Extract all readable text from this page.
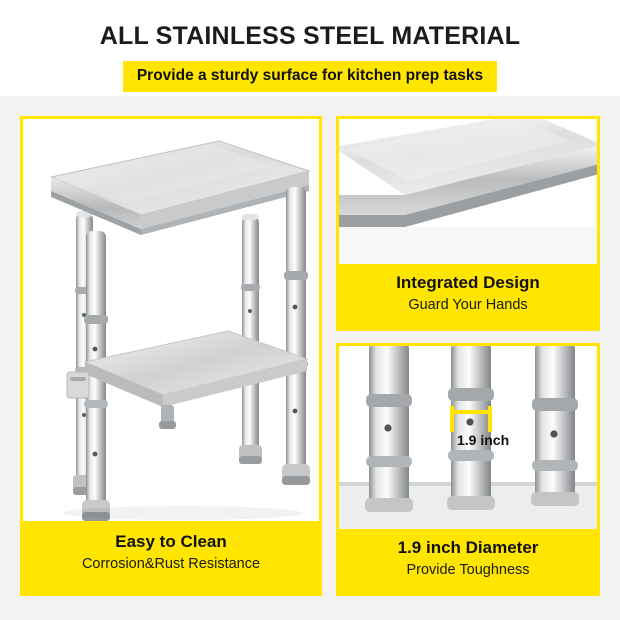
ALL STAINLESS STEEL MATERIAL
Provide a sturdy surface for kitchen prep tasks
Easy to Clean
Corrosion&Rust Resistance
Integrated Design
Guard Your Hands
1.9 inch
1.9 inch Diameter
Provide Toughness
